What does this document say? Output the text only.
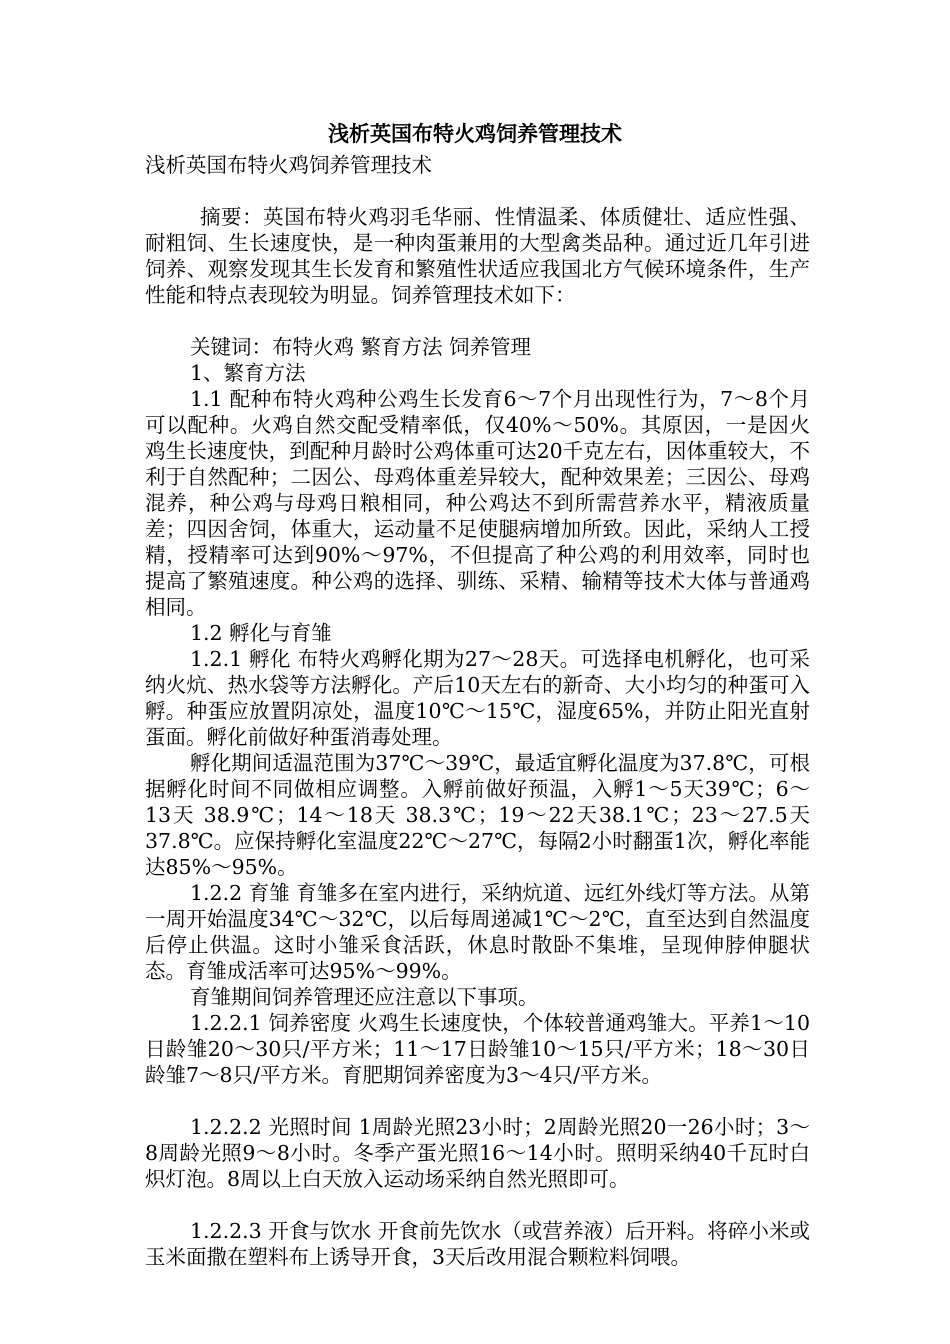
浅析英国布特火鸡饲养管理技术

浅析英国布特火鸡饲养管理技术

摘要：英国布特火鸡羽毛华丽、性情温柔、体质健壮、适应性强、耐粗饲、生长速度快，是一种肉蛋兼用的大型禽类品种。通过近几年引进饲养、观察发现其生长发育和繁殖性状适应我国北方气候环境条件，生产性能和特点表现较为明显。饲养管理技术如下：

关键词：布特火鸡 繁育方法 饲养管理

1、繁育方法

1.1 配种布特火鸡种公鸡生长发育6～7个月出现性行为，7～8个月可以配种。火鸡自然交配受精率低，仅40%～50%。其原因，一是因火鸡生长速度快，到配种月龄时公鸡体重可达20千克左右，因体重较大，不利于自然配种；二因公、母鸡体重差异较大，配种效果差；三因公、母鸡混养，种公鸡与母鸡日粮相同，种公鸡达不到所需营养水平，精液质量差；四因舍饲，体重大，运动量不足使腿病增加所致。因此，采纳人工授精，授精率可达到90%～97%，不但提高了种公鸡的利用效率，同时也提高了繁殖速度。种公鸡的选择、驯练、采精、输精等技术大体与普通鸡相同。

1.2 孵化与育雏

1.2.1 孵化 布特火鸡孵化期为27～28天。可选择电机孵化，也可采纳火炕、热水袋等方法孵化。产后10天左右的新奇、大小均匀的种蛋可入孵。种蛋应放置阴凉处，温度10℃～15℃，湿度65%，并防止阳光直射蛋面。孵化前做好种蛋消毒处理。

孵化期间适温范围为37℃～39℃，最适宜孵化温度为37.8℃，可根据孵化时间不同做相应调整。入孵前做好预温，入孵1～5天39℃；6～13天 38.9℃；14～18天 38.3℃；19～22天38.1℃；23～27.5天 37.8℃。应保持孵化室温度22℃～27℃，每隔2小时翻蛋1次，孵化率能达85%～95%。

1.2.2 育雏 育雏多在室内进行，采纳炕道、远红外线灯等方法。从第一周开始温度34℃～32℃，以后每周递减1℃～2℃，直至达到自然温度后停止供温。这时小雏采食活跃，休息时散卧不集堆，呈现伸脖伸腿状态。育雏成活率可达95%～99%。

育雏期间饲养管理还应注意以下事项。

1.2.2.1 饲养密度 火鸡生长速度快，个体较普通鸡雏大。平养1～10日龄雏20～30只/平方米；11～17日龄雏10～15只/平方米；18～30日龄雏7～8只/平方米。育肥期饲养密度为3～4只/平方米。

1.2.2.2 光照时间 1周龄光照23小时；2周龄光照20一26小时；3～8周龄光照9～8小时。冬季产蛋光照16～14小时。照明采纳40千瓦时白炽灯泡。8周以上白天放入运动场采纳自然光照即可。

1.2.2.3 开食与饮水 开食前先饮水（或营养液）后开料。将碎小米或玉米面撒在塑料布上诱导开食，3天后改用混合颗粒料饲喂。
